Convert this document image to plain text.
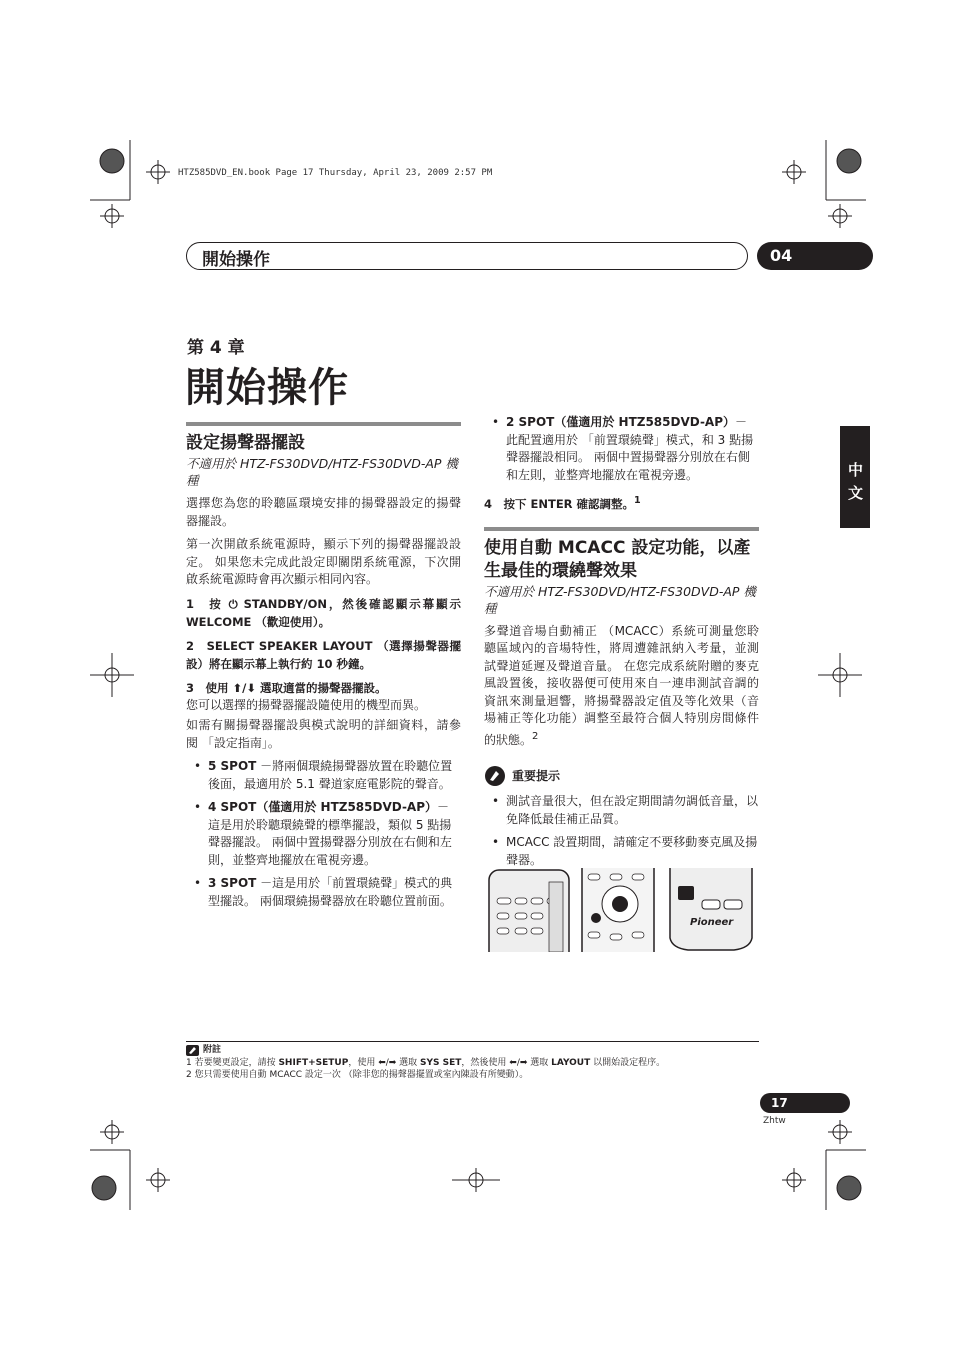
HTZ585DVD_EN.book Page 17 Thursday, April 23, 2009 2:57 PM
開始操作	04
第 4 章
開始操作
中文
設定揚聲器擺設
不適用於 HTZ-FS30DVD/HTZ-FS30DVD-AP 機種

選擇您為您的聆聽區環境安排的揚聲器設定的揚聲器擺設。

第一次開啟系統電源時，顯示下列的揚聲器擺設設定。 如果您未完成此設定即關閉系統電源，下次開啟系統電源時會再次顯示相同內容。

1　按 ⏻ STANDBY/ON，然後確認顯示幕顯示 WELCOME （歡迎使用）。

2　SELECT SPEAKER LAYOUT （選擇揚聲器擺設）將在顯示幕上執行約 10 秒鐘。

3　使用 ⬆/⬇ 選取適當的揚聲器擺設。

您可以選擇的揚聲器擺設隨使用的機型而異。

如需有關揚聲器擺設與模式說明的詳細資料，請參閱 「設定指南」。

• 5 SPOT －將兩個環繞揚聲器放置在聆聽位置後面，最適用於 5.1 聲道家庭電影院的聲音。
• 4 SPOT（僅適用於 HTZ585DVD-AP）－這是用於聆聽環繞聲的標準擺設，類似 5 點揚聲器擺設。 兩個中置揚聲器分別放在右側和左則，並整齊地擺放在電視旁邊。
• 3 SPOT －這是用於「前置環繞聲」模式的典型擺設。 兩個環繞揚聲器放在聆聽位置前面。
• 2 SPOT（僅適用於 HTZ585DVD-AP）－此配置適用於 「前置環繞聲」模式，和 3 點揚聲器擺設相同。 兩個中置揚聲器分別放在右側和左則，並整齊地擺放在電視旁邊。

4　按下 ENTER 確認調整。$^1$

使用自動 MCACC 設定功能，以產生最佳的環繞聲效果
不適用於 HTZ-FS30DVD/HTZ-FS30DVD-AP 機種

多聲道音場自動補正 （MCACC）系統可測量您聆聽區域內的音場特性，將周遭雜訊納入考量，並測試聲道延遲及聲道音量。 在您完成系統附贈的麥克風設置後，接收器便可使用來自一連串測試音調的資訊來測量迴響，將揚聲器設定值及等化效果（音場補正等化功能）調整至最符合個人特別房間條件的狀態。$^2$

重要提示
• 測試音量很大，但在設定期間請勿調低音量，以免降低最佳補正品質。
• MCACC 設置期間，請確定不要移動麥克風及揚聲器。
Pioneer
附註
1 若要變更設定，請按 SHIFT+SETUP，使用 ⬅/➡ 選取 SYS SET，然後使用 ⬅/➡ 選取 LAYOUT 以開始設定程序。
2 您只需要使用自動 MCACC 設定一次 （除非您的揚聲器擺置或室內陳設有所變動）。
17
Zhtw
